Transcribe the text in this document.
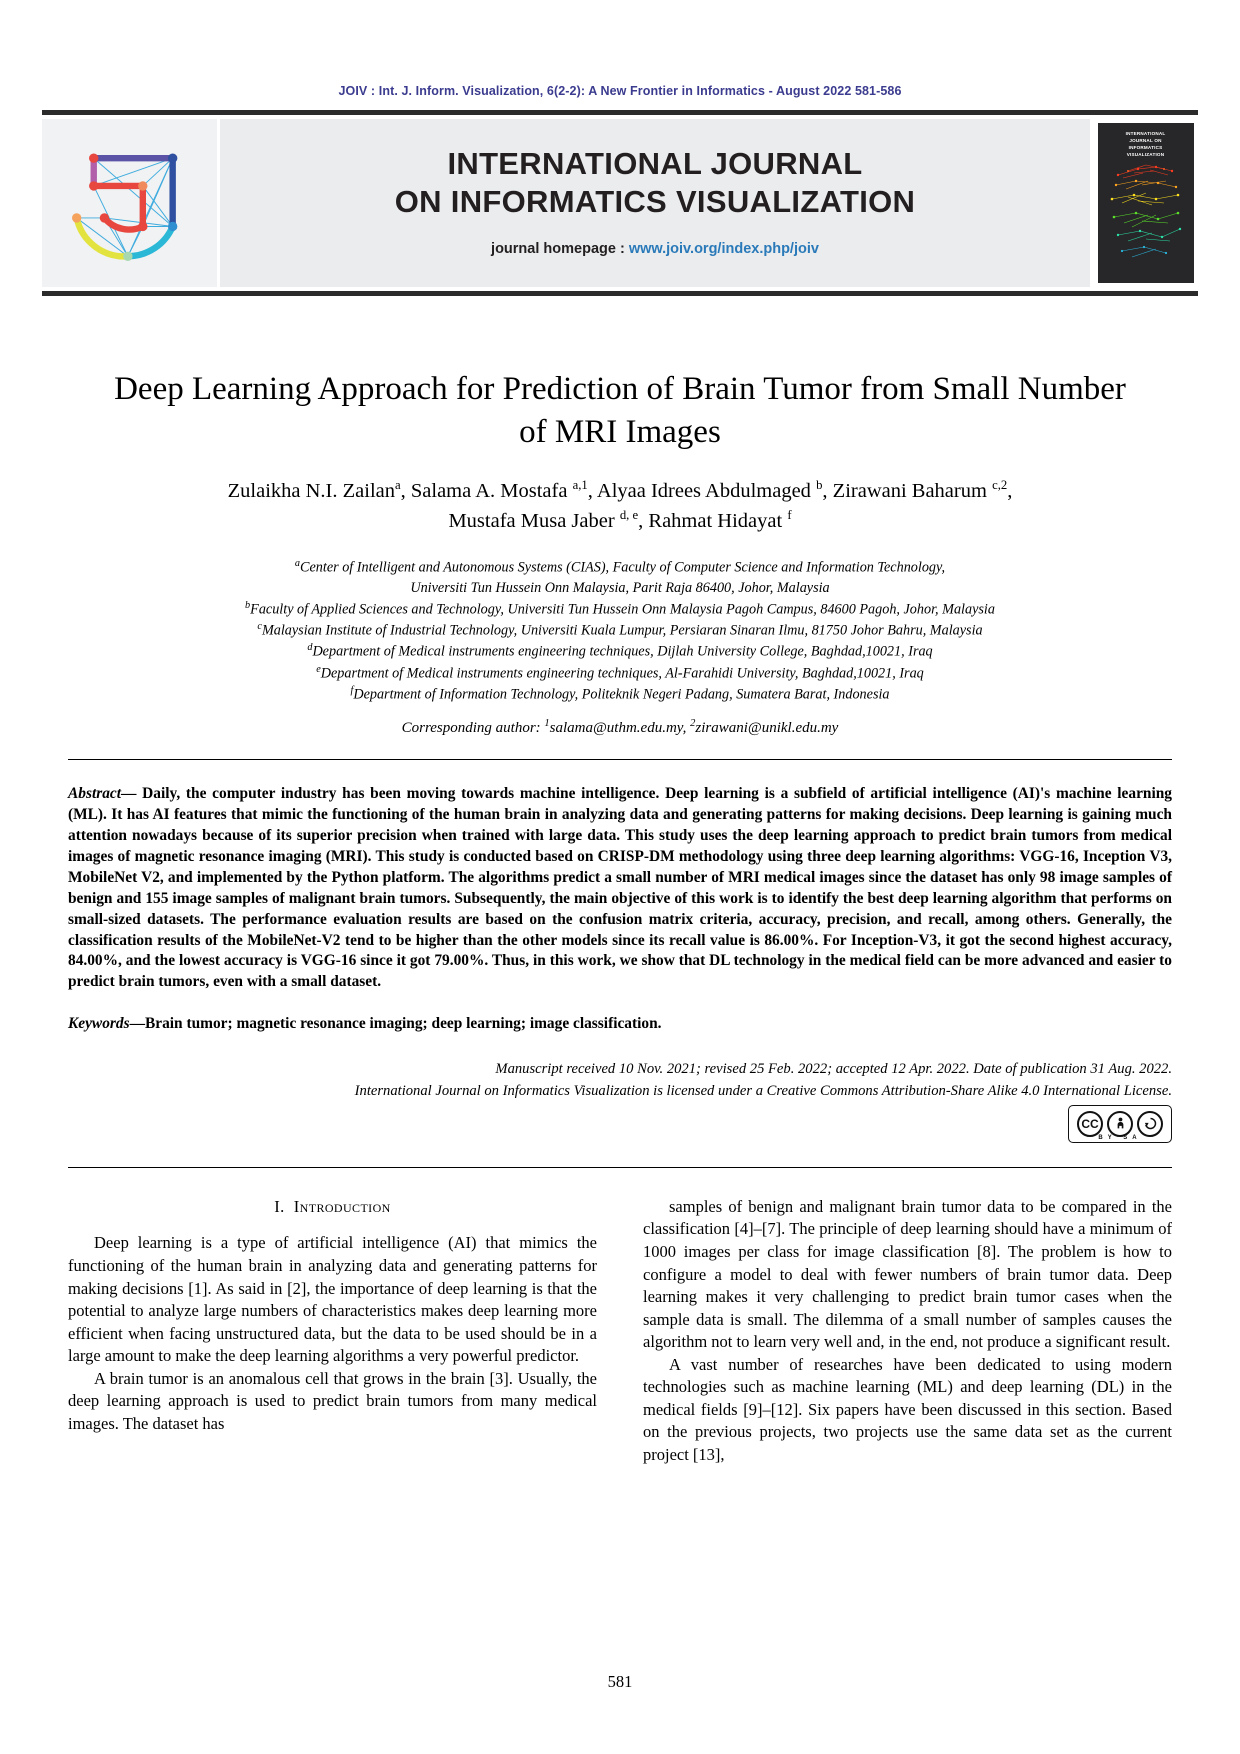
JOIV : Int. J. Inform. Visualization, 6(2-2): A New Frontier in Informatics - August 2022 581-586
INTERNATIONAL JOURNAL
ON INFORMATICS VISUALIZATION
journal homepage : www.joiv.org/index.php/joiv
INTERNATIONAL
JOURNAL ON
INFORMATICS
VISUALIZATION
Deep Learning Approach for Prediction of Brain Tumor from Small Number of MRI Images
Zulaikha N.I. Zailan$^a$, Salama A. Mostafa $^{a,1}$, Alyaa Idrees Abdulmaged $^b$, Zirawani Baharum $^{c,2}$,
Mustafa Musa Jaber $^{d, e}$, Rahmat Hidayat $^f$
$^a$Center of Intelligent and Autonomous Systems (CIAS), Faculty of Computer Science and Information Technology,
Universiti Tun Hussein Onn Malaysia, Parit Raja 86400, Johor, Malaysia
$^b$Faculty of Applied Sciences and Technology, Universiti Tun Hussein Onn Malaysia Pagoh Campus, 84600 Pagoh, Johor, Malaysia
$^c$Malaysian Institute of Industrial Technology, Universiti Kuala Lumpur, Persiaran Sinaran Ilmu, 81750 Johor Bahru, Malaysia
$^d$Department of Medical instruments engineering techniques, Dijlah University College, Baghdad,10021, Iraq
$^e$Department of Medical instruments engineering techniques, Al-Farahidi University, Baghdad,10021, Iraq
$^f$Department of Information Technology, Politeknik Negeri Padang, Sumatera Barat, Indonesia
Corresponding author: $^1$salama@uthm.edu.my, $^2$zirawani@unikl.edu.my
Abstract— Daily, the computer industry has been moving towards machine intelligence. Deep learning is a subfield of artificial intelligence (AI)'s machine learning (ML). It has AI features that mimic the functioning of the human brain in analyzing data and generating patterns for making decisions. Deep learning is gaining much attention nowadays because of its superior precision when trained with large data. This study uses the deep learning approach to predict brain tumors from medical images of magnetic resonance imaging (MRI). This study is conducted based on CRISP-DM methodology using three deep learning algorithms: VGG-16, Inception V3, MobileNet V2, and implemented by the Python platform. The algorithms predict a small number of MRI medical images since the dataset has only 98 image samples of benign and 155 image samples of malignant brain tumors. Subsequently, the main objective of this work is to identify the best deep learning algorithm that performs on small-sized datasets. The performance evaluation results are based on the confusion matrix criteria, accuracy, precision, and recall, among others. Generally, the classification results of the MobileNet-V2 tend to be higher than the other models since its recall value is 86.00%. For Inception-V3, it got the second highest accuracy, 84.00%, and the lowest accuracy is VGG-16 since it got 79.00%. Thus, in this work, we show that DL technology in the medical field can be more advanced and easier to predict brain tumors, even with a small dataset.
Keywords—Brain tumor; magnetic resonance imaging; deep learning; image classification.
Manuscript received 10 Nov. 2021; revised 25 Feb. 2022; accepted 12 Apr. 2022. Date of publication 31 Aug. 2022.
International Journal on Informatics Visualization is licensed under a Creative Commons Attribution-Share Alike 4.0 International License.
CC
BY SA
I.  Introduction

Deep learning is a type of artificial intelligence (AI) that mimics the functioning of the human brain in analyzing data and generating patterns for making decisions [1]. As said in [2], the importance of deep learning is that the potential to analyze large numbers of characteristics makes deep learning more efficient when facing unstructured data, but the data to be used should be in a large amount to make the deep learning algorithms a very powerful predictor.

A brain tumor is an anomalous cell that grows in the brain [3]. Usually, the deep learning approach is used to predict brain tumors from many medical images. The dataset has

samples of benign and malignant brain tumor data to be compared in the classification [4]–[7]. The principle of deep learning should have a minimum of 1000 images per class for image classification [8]. The problem is how to configure a model to deal with fewer numbers of brain tumor data. Deep learning makes it very challenging to predict brain tumor cases when the sample data is small. The dilemma of a small number of samples causes the algorithm not to learn very well and, in the end, not produce a significant result.

A vast number of researches have been dedicated to using modern technologies such as machine learning (ML) and deep learning (DL) in the medical fields [9]–[12]. Six papers have been discussed in this section. Based on the previous projects, two projects use the same data set as the current project [13],

581
